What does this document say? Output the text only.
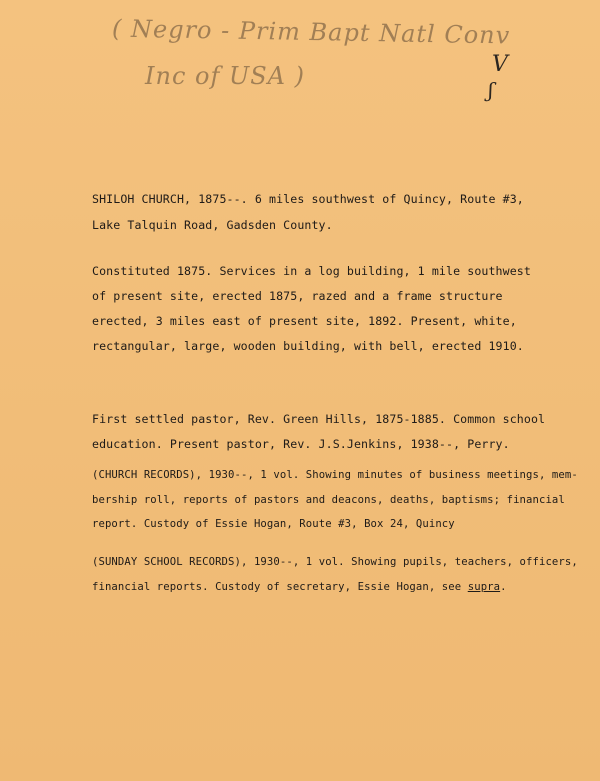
( Negro - Prim Bapt Natl Conv
Inc of USA )	V
ʃ
SHILOH CHURCH, 1875--. 6 miles southwest of Quincy, Route #3,
Lake Talquin Road, Gadsden County.
Constituted 1875. Services in a log building, 1 mile southwest
of present site, erected 1875, razed and a frame structure
erected, 3 miles east of present site, 1892. Present, white,
rectangular, large, wooden building, with bell, erected 1910.
First settled pastor, Rev. Green Hills, 1875-1885. Common school
education. Present pastor, Rev. J.S.Jenkins, 1938--, Perry.
(CHURCH RECORDS), 1930--, 1 vol. Showing minutes of business meetings, mem-
bership roll, reports of pastors and deacons, deaths, baptisms; financial
report. Custody of Essie Hogan, Route #3, Box 24, Quincy
(SUNDAY SCHOOL RECORDS), 1930--, 1 vol. Showing pupils, teachers, officers,
financial reports. Custody of secretary, Essie Hogan, see supra.
